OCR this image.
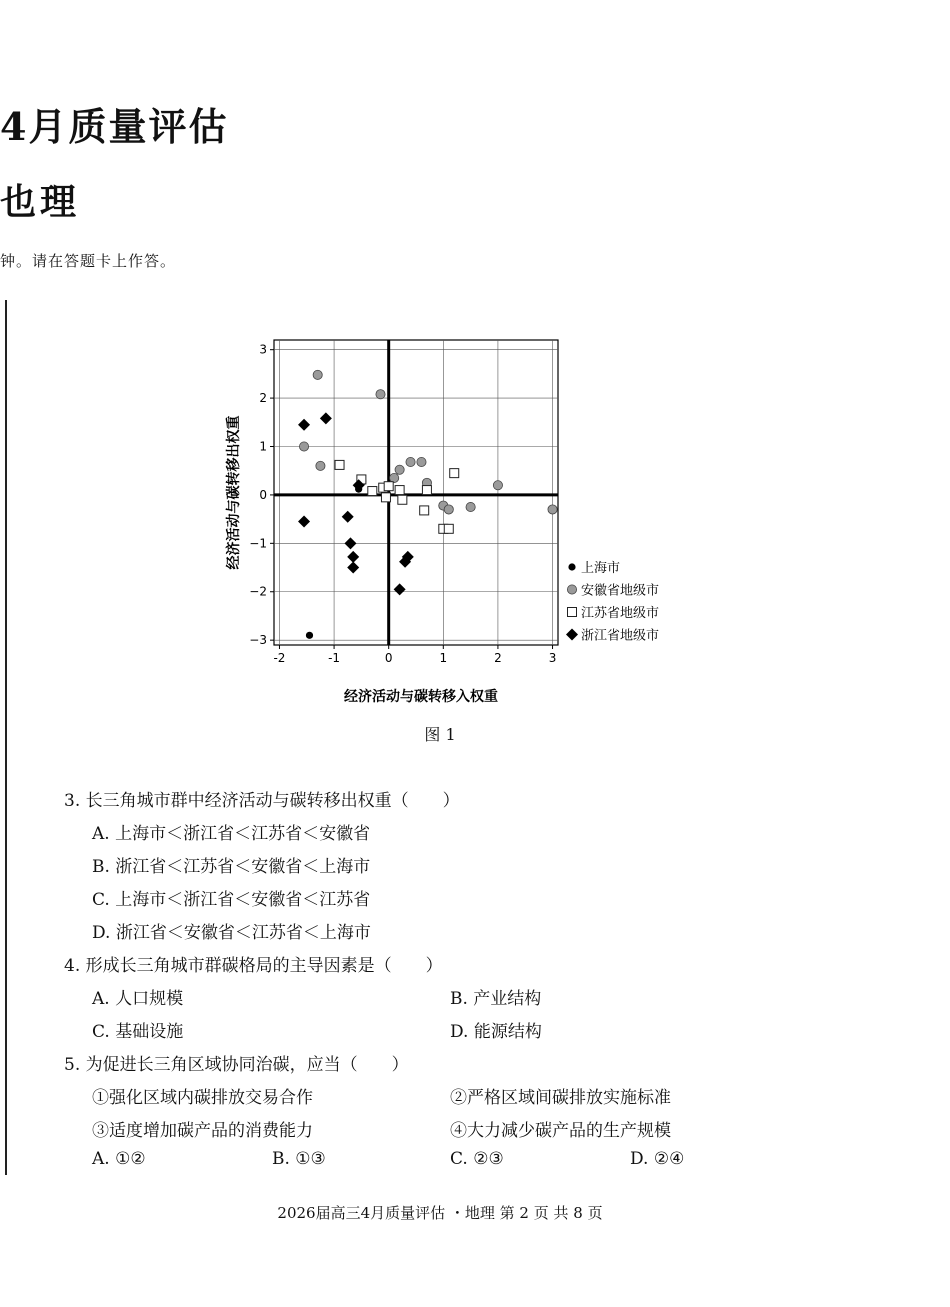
4月质量评估
也理
钟。请在答题卡上作答。
-2	-1	0	1	2	3
3
2
1
0
−1
−2
−3
上海市
安徽省地级市
江苏省地级市
浙江省地级市
经济活动与碳转移入权重
经济活动与碳转移出权重
图 1
3. 长三角城市群中经济活动与碳转移出权重（　　）
A. 上海市＜浙江省＜江苏省＜安徽省
B. 浙江省＜江苏省＜安徽省＜上海市
C. 上海市＜浙江省＜安徽省＜江苏省
D. 浙江省＜安徽省＜江苏省＜上海市
4. 形成长三角城市群碳格局的主导因素是（　　）
A. 人口规模	B. 产业结构
C. 基础设施	D. 能源结构
5. 为促进长三角区域协同治碳，应当（　　）
①强化区域内碳排放交易合作	②严格区域间碳排放实施标准
③适度增加碳产品的消费能力	④大力减少碳产品的生产规模
A. ①②	B. ①③	C. ②③	D. ②④
2026届高三4月质量评估 ・地理 第 2 页 共 8 页
